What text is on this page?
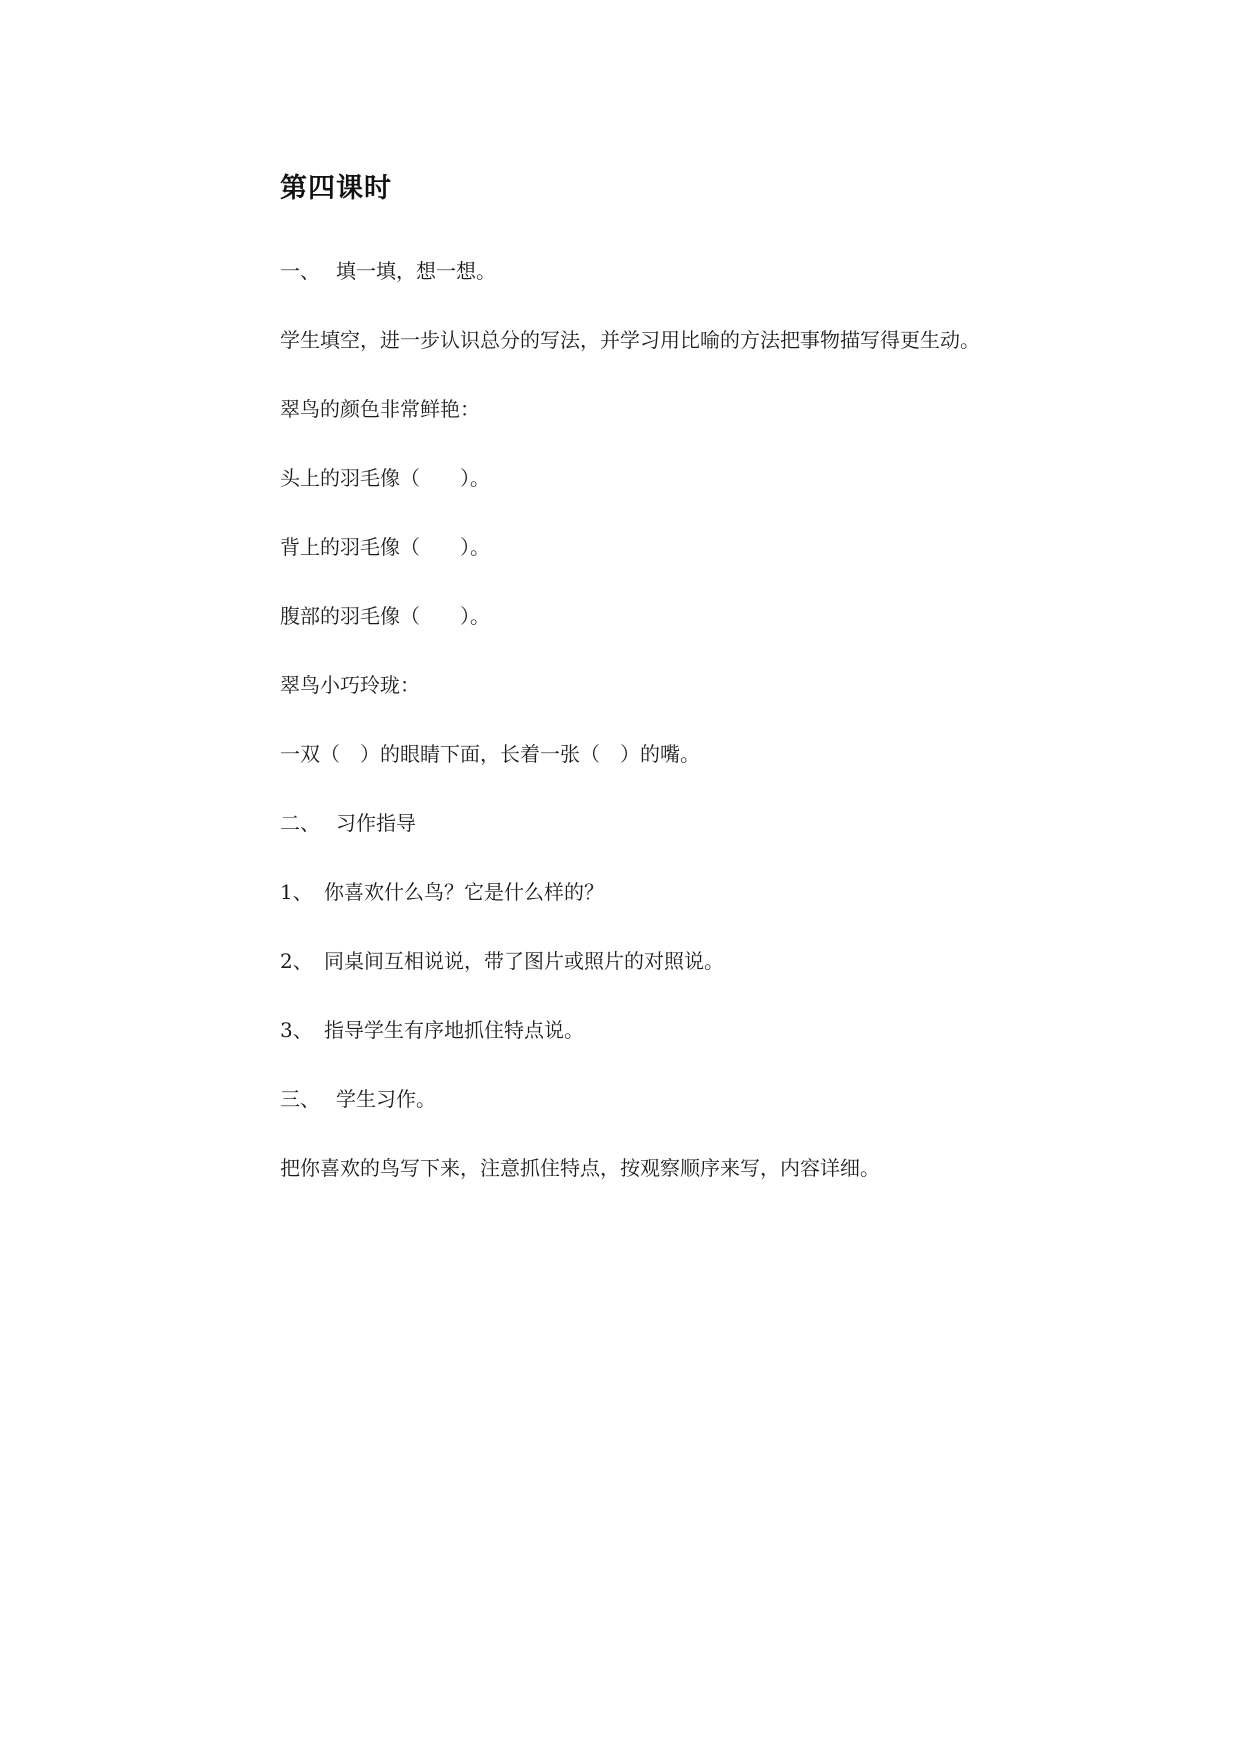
第四课时

一、 填一填，想一想。

学生填空，进一步认识总分的写法，并学习用比喻的方法把事物描写得更生动。

翠鸟的颜色非常鲜艳：

头上的羽毛像（　　）。

背上的羽毛像（　　）。

腹部的羽毛像（　　）。

翠鸟小巧玲珑：

一双（　）的眼睛下面，长着一张（　）的嘴。

二、 习作指导

1、 你喜欢什么鸟？它是什么样的？

2、 同桌间互相说说，带了图片或照片的对照说。

3、 指导学生有序地抓住特点说。

三、 学生习作。

把你喜欢的鸟写下来，注意抓住特点，按观察顺序来写，内容详细。
